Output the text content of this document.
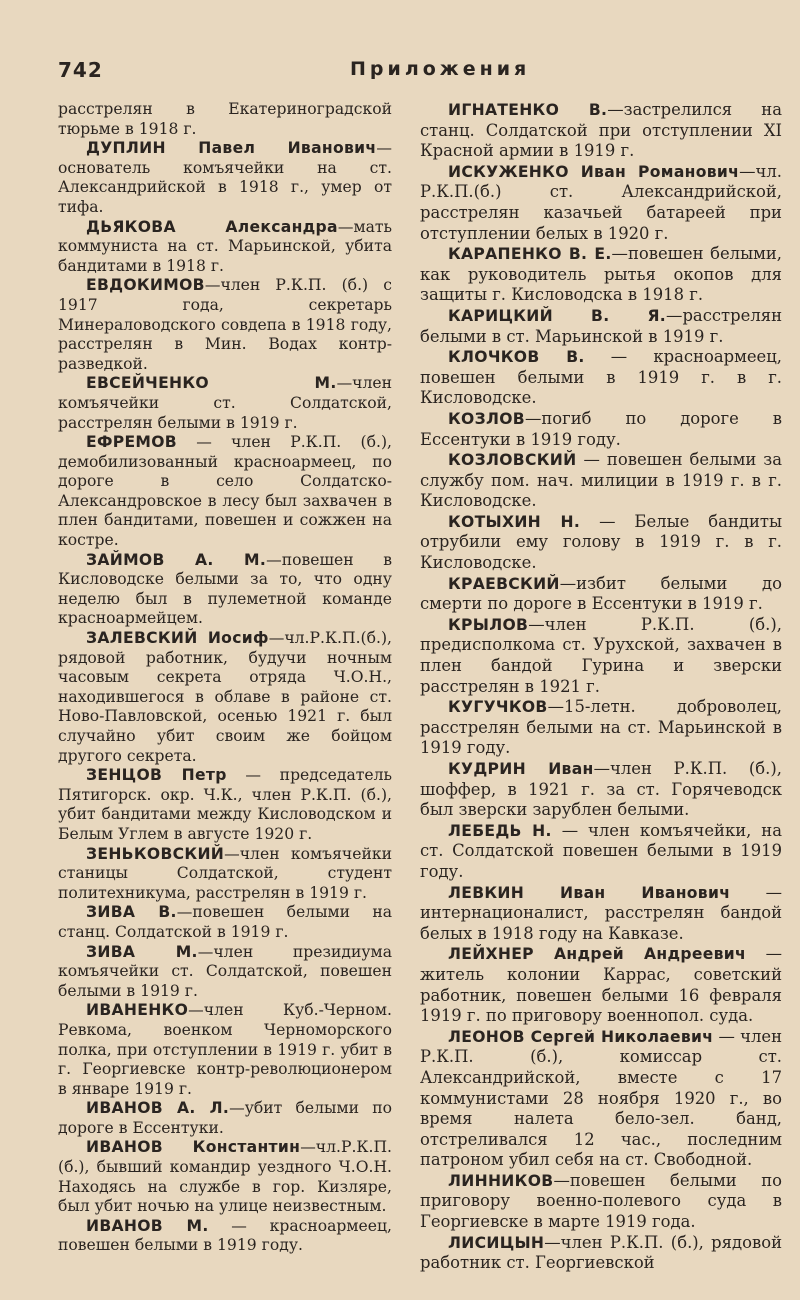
742	Приложения

расстрелян в Екатериноградской тюрьме в 1918 г.

ДУПЛИН Павел Иванович—основатель комъячейки на ст. Александрийской в 1918 г., умер от тифа.

ДЬЯКОВА Александра—мать коммуниста на ст. Марьинской, убита бандитами в 1918 г.

ЕВДОКИМОВ—член Р.К.П. (б.) с 1917 года, секретарь Минераловодского совдепа в 1918 году, расстрелян в Мин. Водах контр-разведкой.

ЕВСЕЙЧЕНКО М.—член комъячейки ст. Солдатской, расстрелян белыми в 1919 г.

ЕФРЕМОВ — член Р.К.П. (б.), демобилизованный красноармеец, по дороге в село Солдатско-Александровское в лесу был захвачен в плен бандитами, повешен и сожжен на костре.

ЗАЙМОВ А. М.—повешен в Кисловодске белыми за то, что одну неделю был в пулеметной команде красноармейцем.

ЗАЛЕВСКИЙ Иосиф—чл.Р.К.П.(б.), рядовой работник, будучи ночным часовым секрета отряда Ч.О.Н., находившегося в облаве в районе ст. Ново-Павловской, осенью 1921 г. был случайно убит своим же бойцом другого секрета.

ЗЕНЦОВ Петр — председатель Пятигорск. окр. Ч.К., член Р.К.П. (б.), убит бандитами между Кисловодском и Белым Углем в августе 1920 г.

ЗЕНЬКОВСКИЙ—член комъячейки станицы Солдатской, студент политехникума, расстрелян в 1919 г.

ЗИВА В.—повешен белыми на станц. Солдатской в 1919 г.

ЗИВА М.—член президиума комъячейки ст. Солдатской, повешен белыми в 1919 г.

ИВАНЕНКО—член Куб.-Черном. Ревкома, военком Черноморского полка, при отступлении в 1919 г. убит в г. Георгиевске контр-революционером в январе 1919 г.

ИВАНОВ А. Л.—убит белыми по дороге в Ессентуки.

ИВАНОВ Константин—чл.Р.К.П.(б.), бывший командир уездного Ч.О.Н. Находясь на службе в гор. Кизляре, был убит ночью на улице неизвестным.

ИВАНОВ М. — красноармеец, повешен белыми в 1919 году.

ИГНАТЕНКО В.—застрелился на станц. Солдатской при отступлении XI Красной армии в 1919 г.

ИСКУЖЕНКО Иван Романович—чл. Р.К.П.(б.) ст. Александрийской, расстрелян казачьей батареей при отступлении белых в 1920 г.

КАРАПЕНКО В. Е.—повешен белыми, как руководитель рытья окопов для защиты г. Кисловодска в 1918 г.

КАРИЦКИЙ В. Я.—расстрелян белыми в ст. Марьинской в 1919 г.

КЛОЧКОВ В. — красноармеец, повешен белыми в 1919 г. в г. Кисловодске.

КОЗЛОВ—погиб по дороге в Ессентуки в 1919 году.

КОЗЛОВСКИЙ — повешен белыми за службу пом. нач. милиции в 1919 г. в г. Кисловодске.

КОТЫХИН Н. — Белые бандиты отрубили ему голову в 1919 г. в г. Кисловодске.

КРАЕВСКИЙ—избит белыми до смерти по дороге в Ессентуки в 1919 г.

КРЫЛОВ—член Р.К.П. (б.), предисполкома ст. Урухской, захвачен в плен бандой Гурина и зверски расстрелян в 1921 г.

КУГУЧКОВ—15-летн. доброволец, расстрелян белыми на ст. Марьинской в 1919 году.

КУДРИН Иван—член Р.К.П. (б.), шоффер, в 1921 г. за ст. Горячеводск был зверски зарублен белыми.

ЛЕБЕДЬ Н. — член комъячейки, на ст. Солдатской повешен белыми в 1919 году.

ЛЕВКИН Иван Иванович — интернационалист, расстрелян бандой белых в 1918 году на Кавказе.

ЛЕЙХНЕР Андрей Андреевич — житель колонии Каррас, советский работник, повешен белыми 16 февраля 1919 г. по приговору военнопол. суда.

ЛЕОНОВ Сергей Николаевич — член Р.К.П. (б.), комиссар ст. Александрийской, вместе с 17 коммунистами 28 ноября 1920 г., во время налета бело-зел. банд, отстреливался 12 час., последним патроном убил себя на ст. Свободной.

ЛИННИКОВ—повешен белыми по приговору военно-полевого суда в Георгиевске в марте 1919 года.

ЛИСИЦЫН—член Р.К.П. (б.), рядовой работник ст. Георгиевской
